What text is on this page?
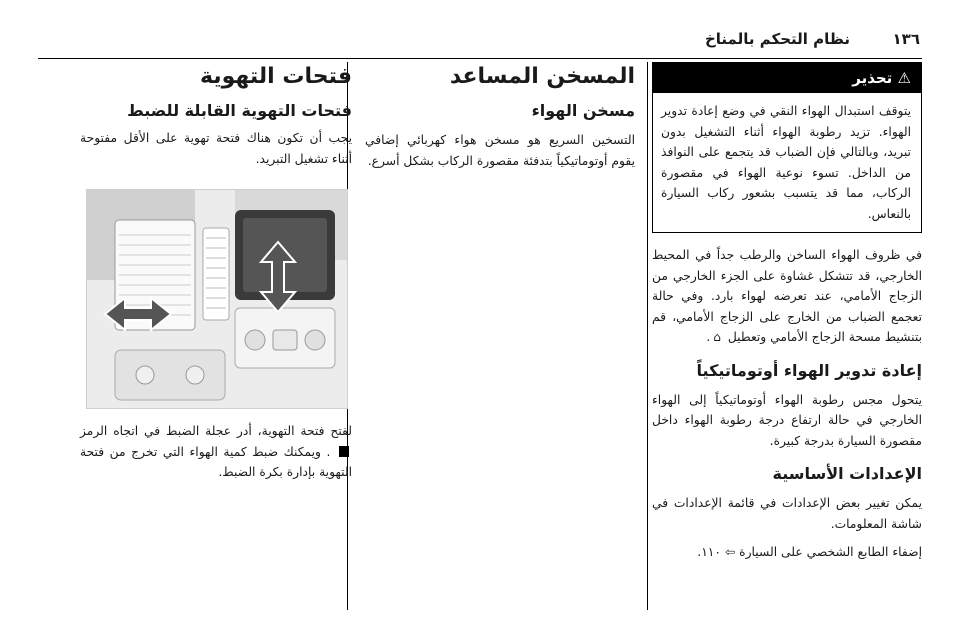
١٣٦
نظام التحكم بالمناخ
⚠ تحذير
يتوقف استبدال الهواء النقي في وضع إعادة تدوير الهواء. تزيد رطوبة الهواء أثناء التشغيل بدون تبريد، وبالتالي فإن الضباب قد يتجمع على النوافذ من الداخل. تسوء نوعية الهواء في مقصورة الركاب، مما قد يتسبب بشعور ركاب السيارة بالنعاس.

في ظروف الهواء الساخن والرطب جداً في المحيط الخارجي، قد تتشكل غشاوة على الجزء الخارجي من الزجاج الأمامي، عند تعرضه لهواء بارد. وفي حالة تعجمع الضباب من الخارج على الزجاج الأمامي، قم بتنشيط مسحة الزجاج الأمامي وتعطيل ⌂.

إعادة تدوير الهواء أوتوماتيكياً

يتحول مجس رطوبة الهواء أوتوماتيكياً إلى الهواء الخارجي في حالة ارتفاع درجة رطوبة الهواء داخل مقصورة السيارة بدرجة كبيرة.

الإعدادات الأساسية

يمكن تغيير بعض الإعدادات في قائمة الإعدادات في شاشة المعلومات.

إضفاء الطابع الشخصي على السيارة ⇦ ١١٠.

المسخن المساعد
مسخن الهواء

التسخين السريع هو مسخن هواء كهربائي إضافي يقوم أوتوماتيكياً بتدفئة مقصورة الركاب بشكل أسرع.

فتحات التهوية
فتحات التهوية القابلة للضبط

يجب أن تكون هناك فتحة تهوية على الأقل مفتوحة أثناء تشغيل التبريد.

لفتح فتحة التهوية، أدر عجلة الضبط في اتجاه الرمز  . ويمكنك ضبط كمية الهواء التي تخرج من فتحة التهوية بإدارة بكرة الضبط.
